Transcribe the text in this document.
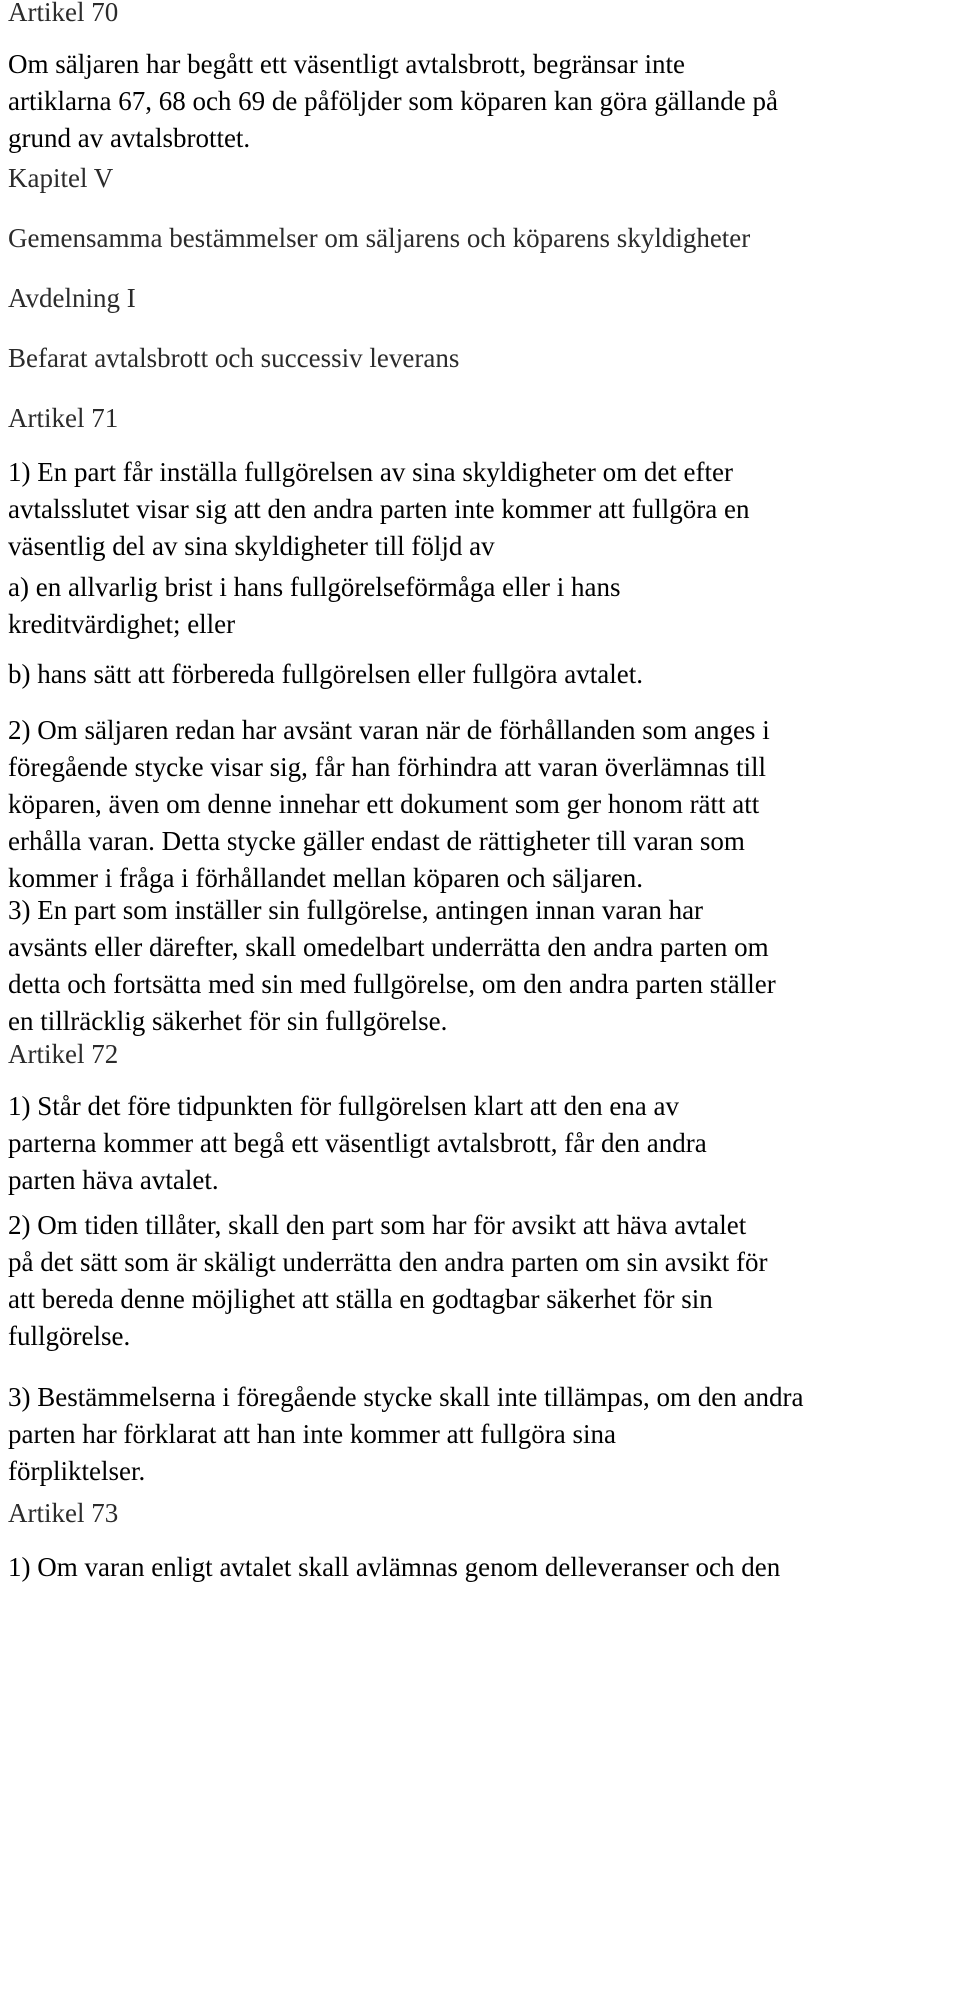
Artikel 70
Om säljaren har begått ett väsentligt avtalsbrott, begränsar inte
artiklarna 67, 68 och 69 de påföljder som köparen kan göra gällande på
grund av avtalsbrottet.
Kapitel V
Gemensamma bestämmelser om säljarens och köparens skyldigheter
Avdelning I
Befarat avtalsbrott och successiv leverans
Artikel 71
1) En part får inställa fullgörelsen av sina skyldigheter om det efter
avtalsslutet visar sig att den andra parten inte kommer att fullgöra en
väsentlig del av sina skyldigheter till följd av
a) en allvarlig brist i hans fullgörelseförmåga eller i hans
kreditvärdighet; eller
b) hans sätt att förbereda fullgörelsen eller fullgöra avtalet.
2) Om säljaren redan har avsänt varan när de förhållanden som anges i
föregående stycke visar sig, får han förhindra att varan överlämnas till
köparen, även om denne innehar ett dokument som ger honom rätt att
erhålla varan. Detta stycke gäller endast de rättigheter till varan som
kommer i fråga i förhållandet mellan köparen och säljaren.
3) En part som inställer sin fullgörelse, antingen innan varan har
avsänts eller därefter, skall omedelbart underrätta den andra parten om
detta och fortsätta med sin med fullgörelse, om den andra parten ställer
en tillräcklig säkerhet för sin fullgörelse.
Artikel 72
1) Står det före tidpunkten för fullgörelsen klart att den ena av
parterna kommer att begå ett väsentligt avtalsbrott, får den andra
parten häva avtalet.
2) Om tiden tillåter, skall den part som har för avsikt att häva avtalet
på det sätt som är skäligt underrätta den andra parten om sin avsikt för
att bereda denne möjlighet att ställa en godtagbar säkerhet för sin
fullgörelse.
3) Bestämmelserna i föregående stycke skall inte tillämpas, om den andra
parten har förklarat att han inte kommer att fullgöra sina
förpliktelser.
Artikel 73
1) Om varan enligt avtalet skall avlämnas genom delleveranser och den
